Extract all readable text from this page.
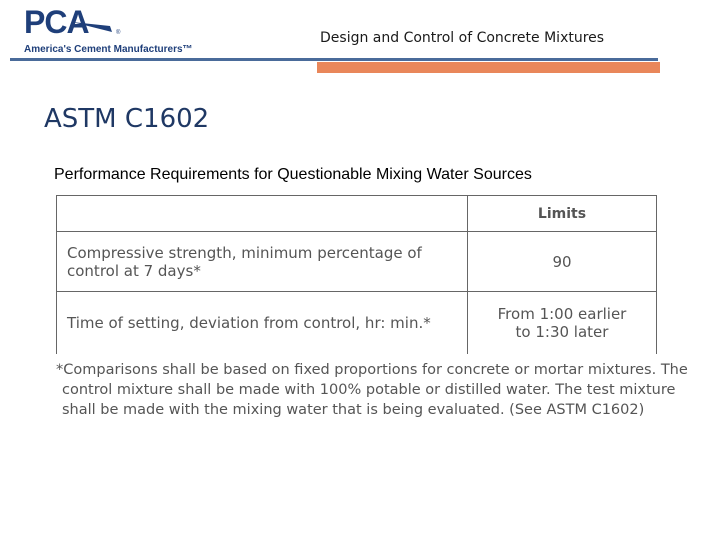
PCA	®
America's Cement Manufacturers™
Design and Control of Concrete Mixtures
ASTM C1602
Performance Requirements for Questionable Mixing Water Sources
	Limits

Compressive strength, minimum percentage of
control at 7 days*	90

Time of setting, deviation from control, hr: min.*	From 1:00 earlier
to 1:30 later
*Comparisons shall be based on fixed proportions for concrete or mortar mixtures. The
control mixture shall be made with 100% potable or distilled water. The test mixture
shall be made with the mixing water that is being evaluated. (See ASTM C1602)
